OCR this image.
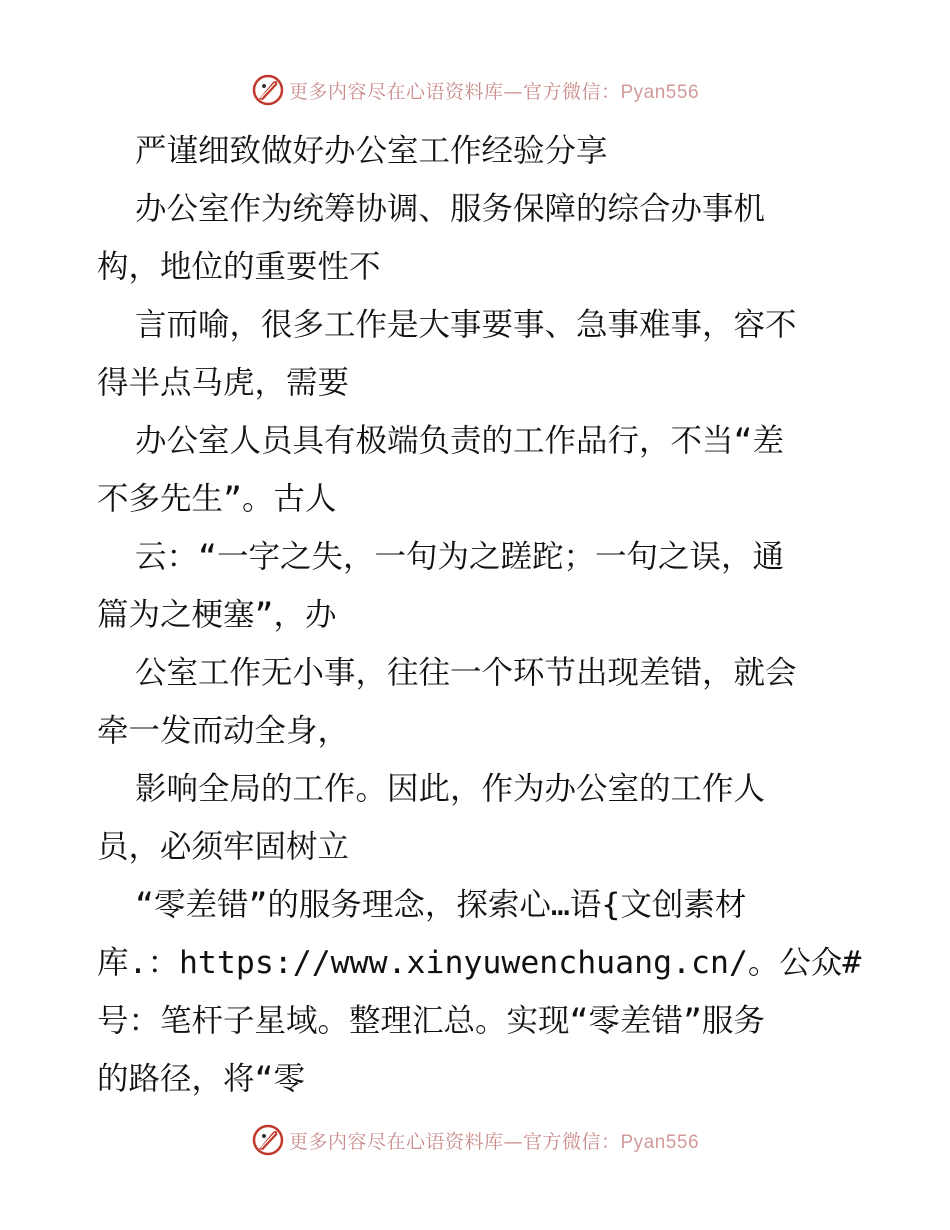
更多内容尽在心语资料库—官方微信：Pyan556
严谨细致做好办公室工作经验分享
办公室作为统筹协调、服务保障的综合办事机
构，地位的重要性不
言而喻，很多工作是大事要事、急事难事，容不
得半点马虎，需要
办公室人员具有极端负责的工作品行，不当“差
不多先生”。古人
云：“一字之失，一句为之蹉跎；一句之误，通
篇为之梗塞”，办
公室工作无小事，往往一个环节出现差错，就会
牵一发而动全身，
影响全局的工作。因此，作为办公室的工作人
员，必须牢固树立
“零差错”的服务理念，探索心…语{文创素材
库.：https://www.xinyuwenchuang.cn/。公众#
号：笔杆子星域。整理汇总。实现“零差错”服务
的路径，将“零
更多内容尽在心语资料库—官方微信：Pyan556
